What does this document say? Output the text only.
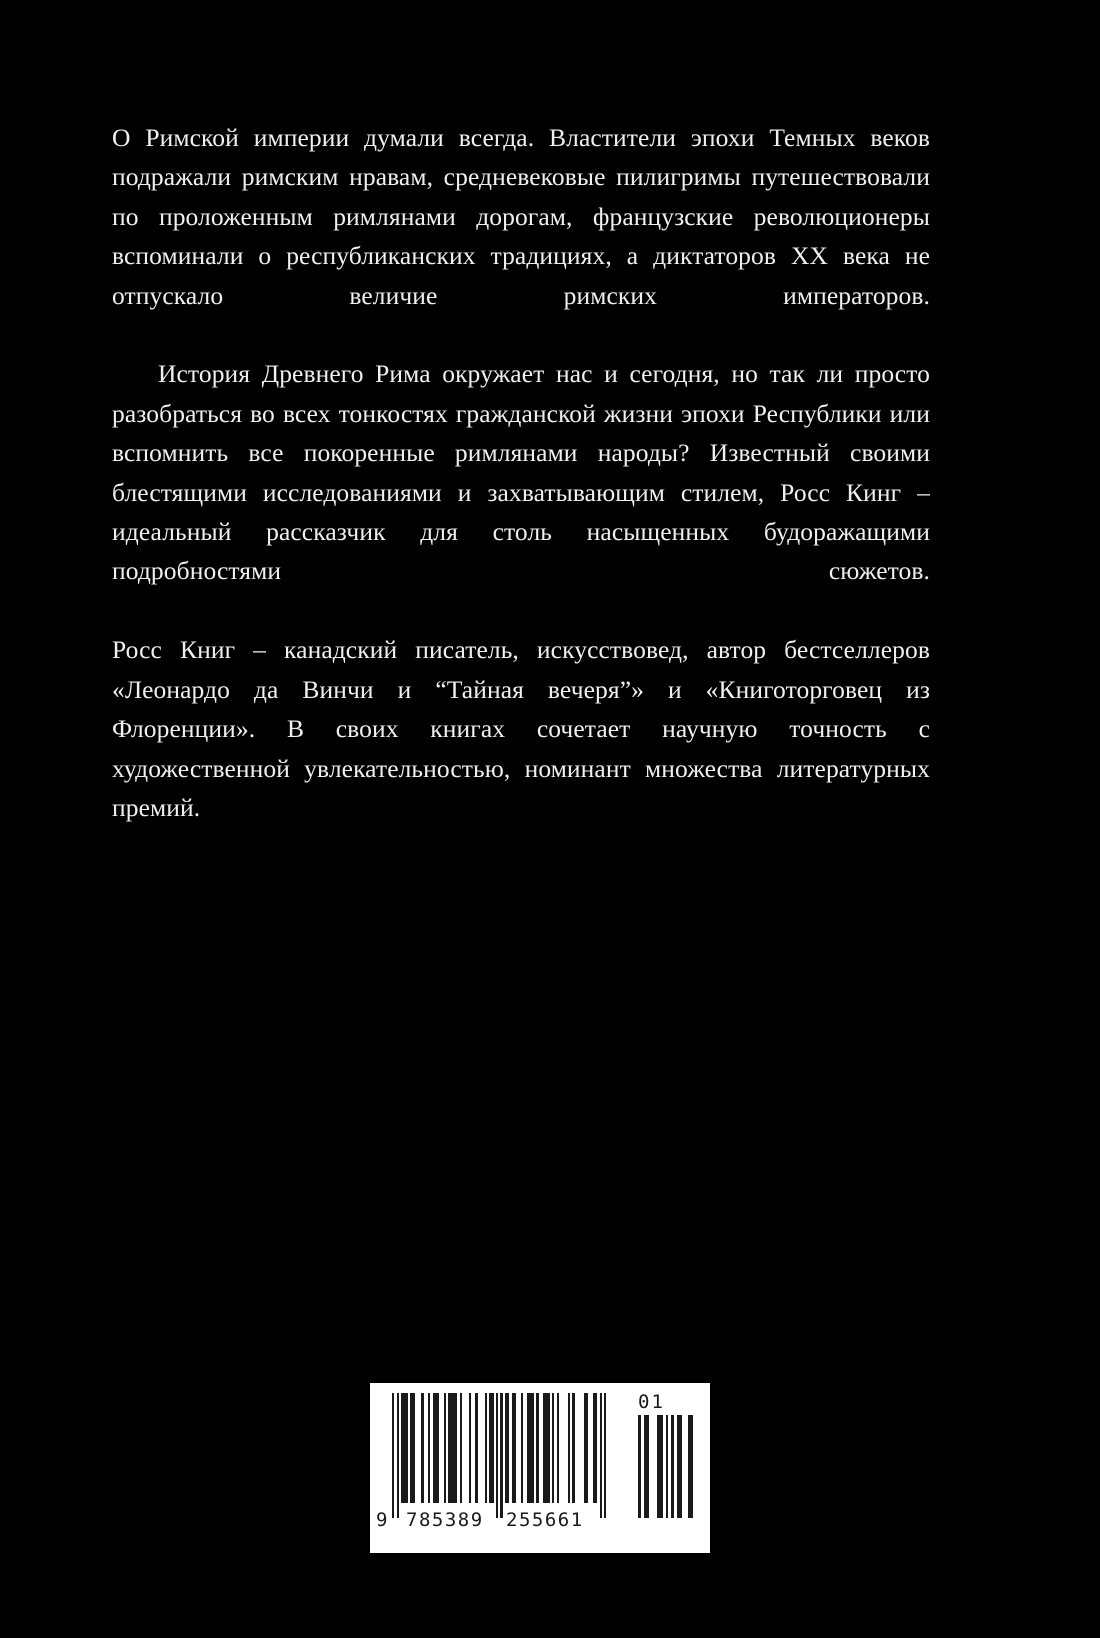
О Римской империи думали всегда. Властители эпохи Темных веков подражали римским нравам, средневековые пилигримы путешествовали по проложенным римлянами дорогам, французские революционеры вспоминали о республиканских традициях, а диктаторов XX века не отпускало величие римских императоров.

История Древнего Рима окружает нас и сегодня, но так ли просто разобраться во всех тонкостях гражданской жизни эпохи Республики или вспомнить все покоренные римлянами народы? Известный своими блестящими исследованиями и захватывающим стилем, Росс Кинг – идеальный рассказчик для столь насыщенных будоражащими подробностями сюжетов.

Росс Книг – канадский писатель, искусствовед, автор бестселлеров «Леонардо да Винчи и “Тайная вечеря”» и «Книготорговец из Флоренции». В своих книгах сочетает научную точность с художественной увлекательностью, номинант множества литературных премий.

9 785389 255661
01
